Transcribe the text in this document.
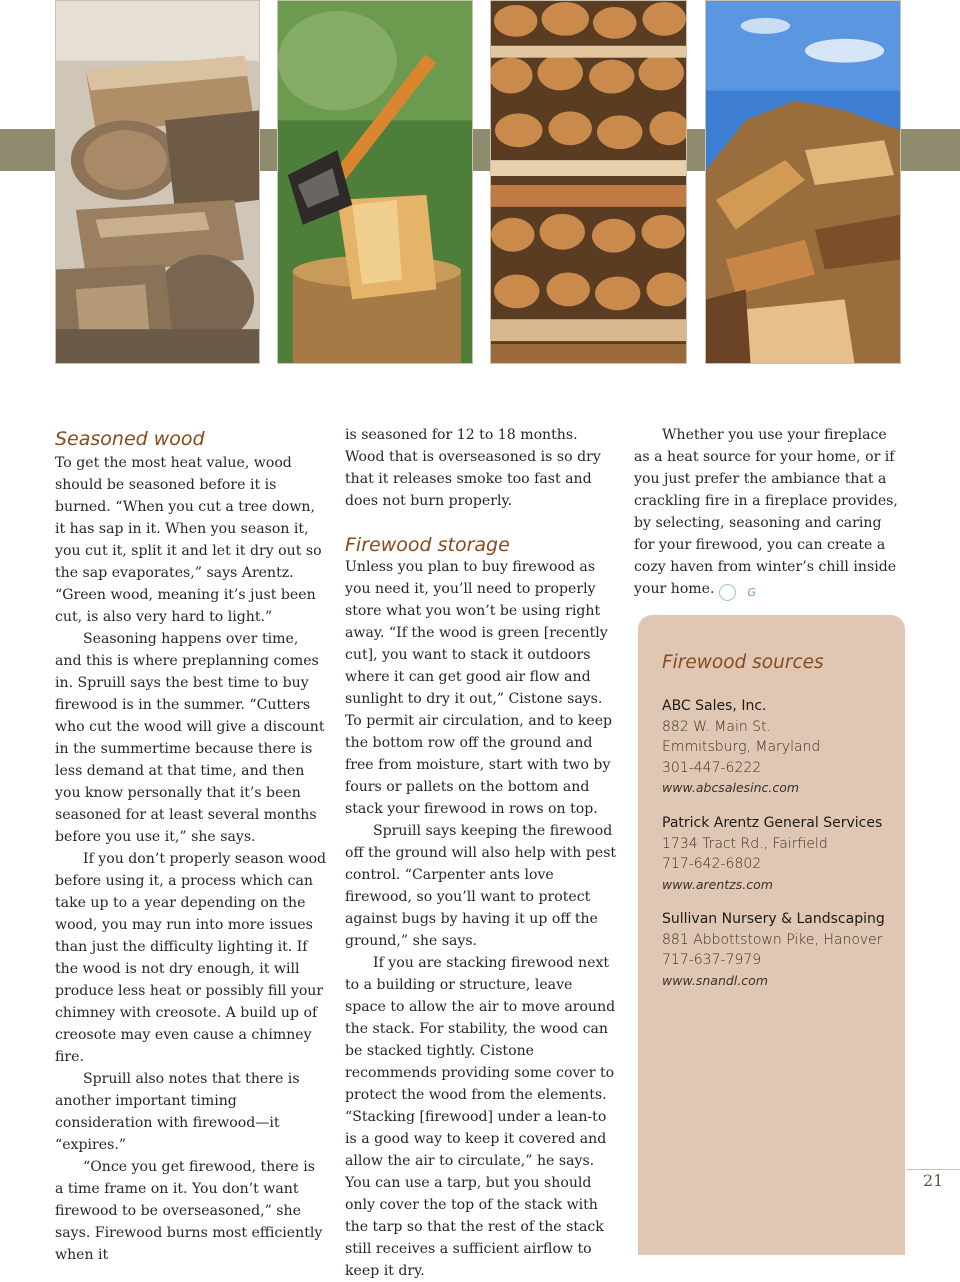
Seasoned wood

To get the most heat value, wood should be seasoned before it is burned. “When you cut a tree down, it has sap in it. When you season it, you cut it, split it and let it dry out so the sap evaporates,” says Arentz. “Green wood, meaning it’s just been cut, is also very hard to light.”

Seasoning happens over time, and this is where preplanning comes in. Spruill says the best time to buy firewood is in the summer. “Cutters who cut the wood will give a discount in the summertime because there is less demand at that time, and then you know personally that it’s been seasoned for at least several months before you use it,” she says.

If you don’t properly season wood before using it, a process which can take up to a year depending on the wood, you may run into more issues than just the difficulty lighting it. If the wood is not dry enough, it will produce less heat or possibly fill your chimney with creosote. A build up of creosote may even cause a chimney fire.

Spruill also notes that there is another important timing consideration with firewood—it “expires.”

“Once you get firewood, there is a time frame on it. You don’t want firewood to be overseasoned,” she says. Firewood burns most efficiently when it

is seasoned for 12 to 18 months. Wood that is overseasoned is so dry that it releases smoke too fast and does not burn properly.

Firewood storage

Unless you plan to buy firewood as you need it, you’ll need to properly store what you won’t be using right away. “If the wood is green [recently cut], you want to stack it outdoors where it can get good air flow and sunlight to dry it out,” Cistone says. To permit air circulation, and to keep the bottom row off the ground and free from moisture, start with two by fours or pallets on the bottom and stack your firewood in rows on top.

Spruill says keeping the firewood off the ground will also help with pest control. “Carpenter ants love firewood, so you’ll want to protect against bugs by having it up off the ground,” she says.

If you are stacking firewood next to a building or structure, leave space to allow the air to move around the stack. For stability, the wood can be stacked tightly. Cistone recommends providing some cover to protect the wood from the elements. “Stacking [firewood] under a lean-to is a good way to keep it covered and allow the air to circulate,” he says. You can use a tarp, but you should only cover the top of the stack with the tarp so that the rest of the stack still receives a sufficient airflow to keep it dry.

Whether you use your fireplace as a heat source for your home, or if you just prefer the ambiance that a crackling fire in a fireplace provides, by selecting, seasoning and caring for your firewood, you can create a cozy haven from winter’s chill inside your home.	G

Firewood sources
ABC Sales, Inc.
882 W. Main St.
Emmitsburg, Maryland
301-447-6222
www.abcsalesinc.com
Patrick Arentz General Services
1734 Tract Rd., Fairfield
717-642-6802
www.arentzs.com
Sullivan Nursery & Landscaping
881 Abbottstown Pike, Hanover
717-637-7979
www.snandl.com
21
